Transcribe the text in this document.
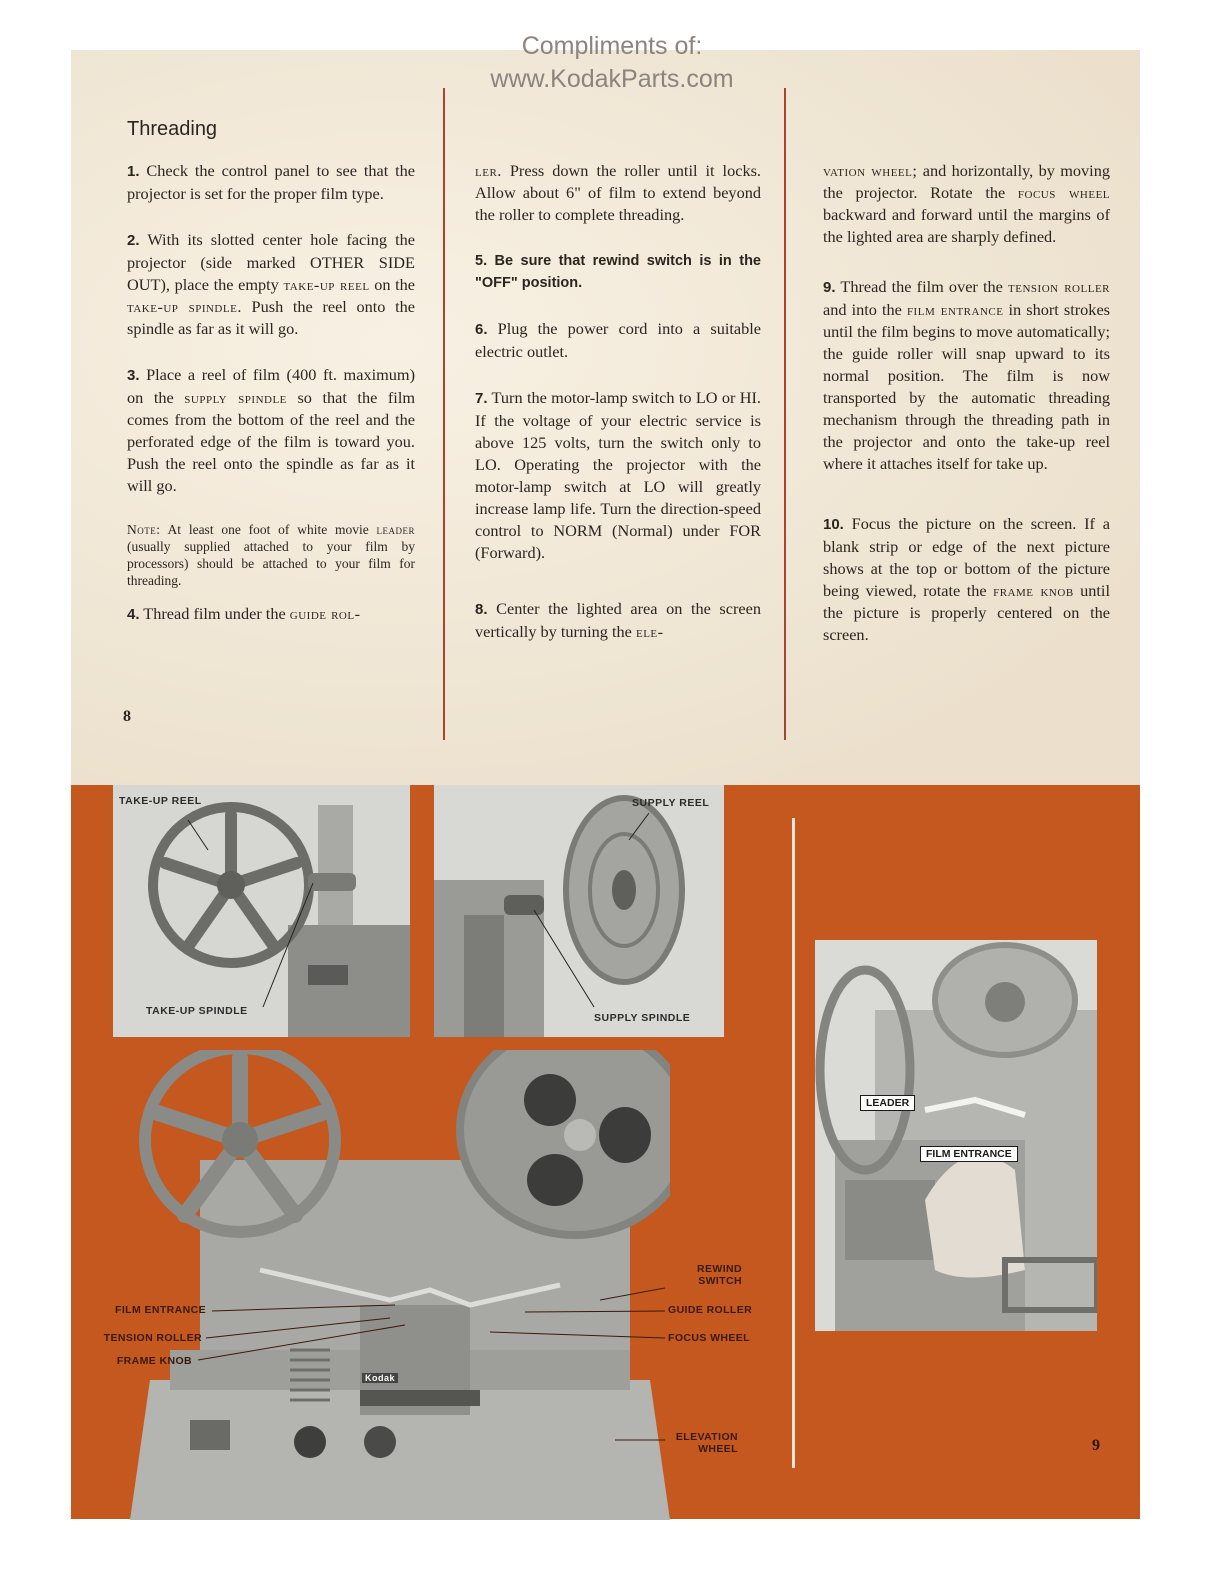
Compliments of:
www.KodakParts.com
Threading

1. Check the control panel to see that the projector is set for the proper film type.

2. With its slotted center hole facing the projector (side marked OTHER SIDE OUT), place the empty take-up reel on the take-up spindle. Push the reel onto the spindle as far as it will go.

3. Place a reel of film (400 ft. maximum) on the supply spindle so that the film comes from the bottom of the reel and the perforated edge of the film is toward you. Push the reel onto the spindle as far as it will go.

Note: At least one foot of white movie leader (usually supplied attached to your film by processors) should be attached to your film for threading.

4. Thread film under the guide rol-

8

ler. Press down the roller until it locks. Allow about 6" of film to extend beyond the roller to complete threading.

5. Be sure that rewind switch is in the "OFF" position.

6. Plug the power cord into a suitable electric outlet.

7. Turn the motor-lamp switch to LO or HI. If the voltage of your electric service is above 125 volts, turn the switch only to LO. Operating the projector with the motor-lamp switch at LO will greatly increase lamp life. Turn the direction-speed control to NORM (Normal) under FOR (Forward).

8. Center the lighted area on the screen vertically by turning the ele-

vation wheel; and horizontally, by moving the projector. Rotate the focus wheel backward and forward until the margins of the lighted area are sharply defined.

9. Thread the film over the tension roller and into the film entrance in short strokes until the film begins to move automatically; the guide roller will snap upward to its normal position. The film is now transported by the automatic threading mechanism through the threading path in the projector and onto the take-up reel where it attaches itself for take up.

10. Focus the picture on the screen. If a blank strip or edge of the next picture shows at the top or bottom of the picture being viewed, rotate the frame knob until the picture is properly centered on the screen.

TAKE-UP REEL
TAKE-UP SPINDLE
SUPPLY REEL
SUPPLY SPINDLE
FILM ENTRANCE
TENSION ROLLER
FRAME KNOB
REWIND
SWITCH
GUIDE ROLLER
FOCUS WHEEL
ELEVATION
WHEEL
Kodak
LEADER
FILM ENTRANCE
9
